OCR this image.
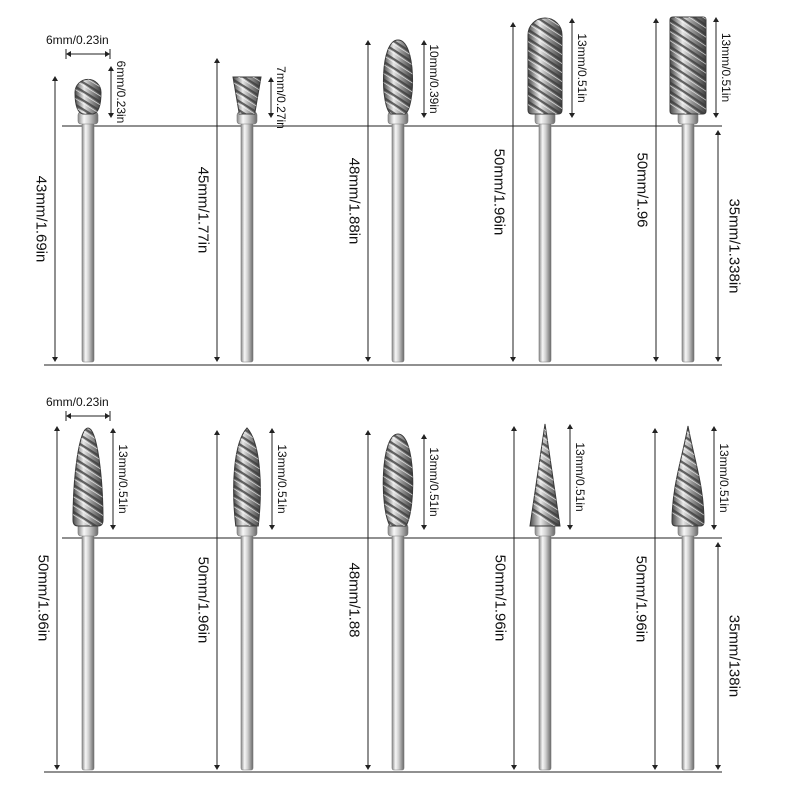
43mm/1.69in
6mm/0.23in
6mm/0.23in
45mm/1.77in
7mm/0.27in
48mm/1.88in
10mm/0.39in
50mm/1.96in
13mm/0.51in
50mm/1.96
13mm/0.51in
35mm/1.338in
50mm/1.96in
13mm/0.51in
6mm/0.23in
50mm/1.96in
13mm/0.51in
48mm/1.88
13mm/0.51in
50mm/1.96in
13mm/0.51in
50mm/1.96in
13mm/0.51in
35mm/138in
